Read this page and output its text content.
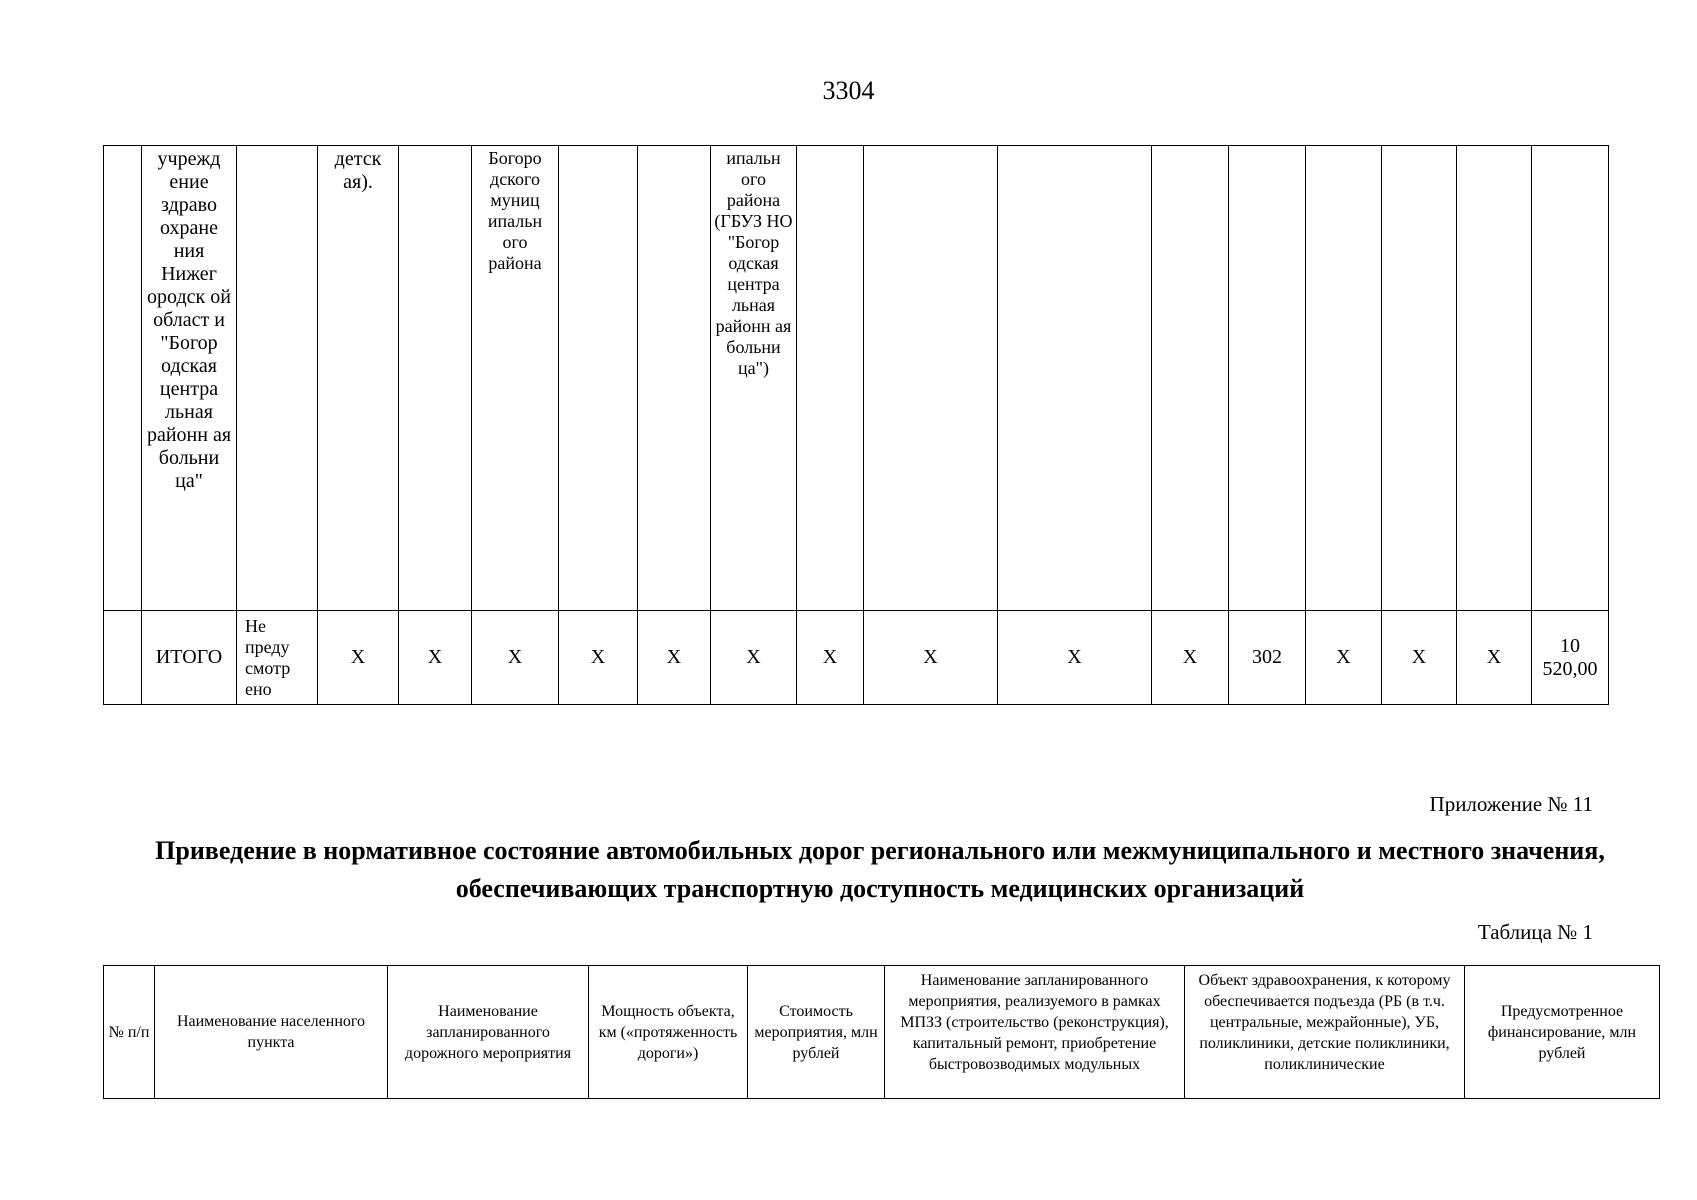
3304
	учрежд ение здраво охране ния Нижег ородск ой област и "Богор одская центра льная районн ая больни ца"		детск ая).		Богоро дского муниц ипальн ого района			ипальн ого района (ГБУЗ НО "Богор одская центра льная районн ая больни ца")									
	ИТОГО	Не преду смотр ено	X	X	X	X	X	X	X	X	X	X	302	X	X	X	10 520,00
Приложение № 11
Приведение в нормативное состояние автомобильных дорог регионального или межмуниципального и местного значения, обеспечивающих транспортную доступность медицинских организаций
Таблица № 1
№ п/п	Наименование населенного пункта	Наименование запланированного дорожного мероприятия	Мощность объекта, км («протяженность дороги»)	Стоимость мероприятия, млн рублей	Наименование запланированного мероприятия, реализуемого в рамках МПЗЗ (строительство (реконструкция), капитальный ремонт, приобретение быстровозводимых модульных	Объект здравоохранения, к которому обеспечивается подъезда (РБ (в т.ч. центральные, межрайонные), УБ, поликлиники, детские поликлиники, поликлинические	Предусмотренное финансирование, млн рублей
